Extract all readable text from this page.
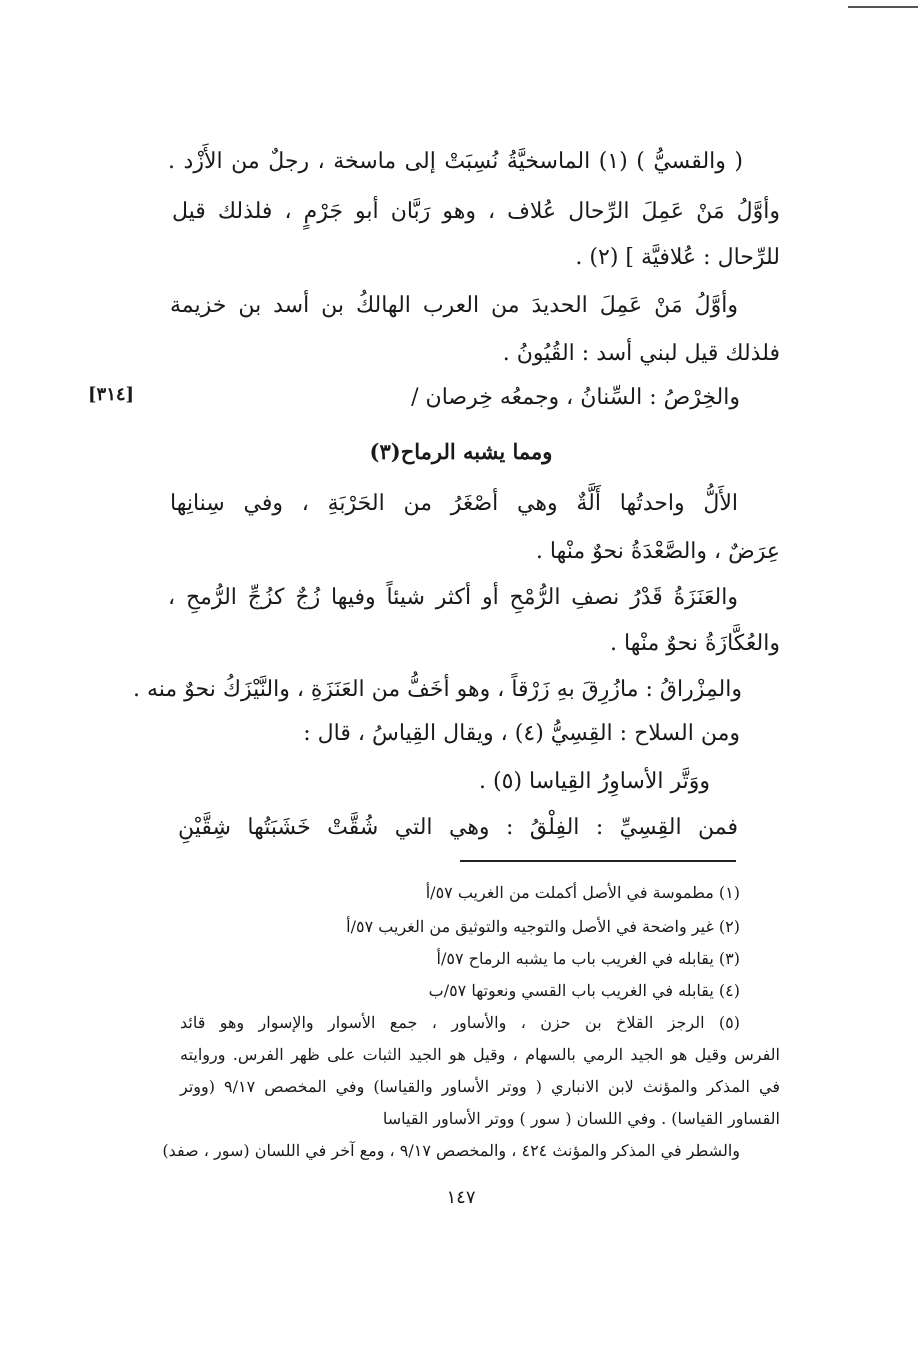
( والقسيُّ ) (١) الماسخيَّةُ نُسِبَتْ إلى ماسخة ، رجلٌ من الأَزْد .
وأوَّلُ مَنْ عَمِلَ الرِّحال عُلاف ، وهو رَبَّان أبو جَرْمٍ ، فلذلك قيل
للرِّحال : عُلافيَّة ] (٢) .
وأوَّلُ مَنْ عَمِلَ الحديدَ من العرب الهالكُ بن أسد بن خزيمة
فلذلك قيل لبني أسد : القُيُونُ .
[٣١٤]	والخِرْصُ : السِّنانُ ، وجمعُه خِرصان /
ومما يشبه الرماح(٣)
الأَلُّ واحدتُها أَلَّةٌ وهي أصْغَرُ من الحَرْبَةِ ، وفي سِنانِها
عِرَضٌ ، والصَّعْدَةُ نحوٌ منْها .
والعَنَزَةُ قَدْرُ نصفِ الرُّمْحِ أو أكثر شيئاً وفيها زُجٌ كزُجِّ الرُّمحِ ،
والعُكَّازَةُ نحوٌ منْها .
والمِزْراقُ : مازُرِقَ بهِ زَرْقاً ، وهو أخَفُّ من العَنَزَةِ ، والنَّيْزَكُ نحوٌ منه .
ومن السلاح : القِسِيُّ (٤) ، ويقال القِياسُ ، قال :
ووَتَّر الأساوِرُ القِياسا (٥) .
فمن القِسِيِّ : الفِلْقُ : وهي التي شُقَّتْ خَشَبَتُها شِقَّيْنِ
(١) مطموسة في الأصل أكملت من الغريب ٥٧/أ
(٢) غير واضحة في الأصل والتوجيه والتوثيق من الغريب ٥٧/أ
(٣) يقابله في الغريب باب ما يشبه الرماح ٥٧/أ
(٤) يقابله في الغريب باب القسي ونعوتها ٥٧/ب
(٥) الرجز القلاخ بن حزن ، والأساور ، جمع الأسوار والإسوار وهو قائد
الفرس وقيل هو الجيد الرمي بالسهام ، وقيل هو الجيد الثبات على ظهر الفرس. وروايته
في المذكر والمؤنث لابن الانباري ( ووتر الأساور والقياسا) وفي المخصص ٩/١٧ (ووتر
القساور القياسا) . وفي اللسان ( سور ) ووتر الأساور القياسا
والشطر في المذكر والمؤنث ٤٢٤ ، والمخصص ٩/١٧ ، ومع آخر في اللسان (سور ، صفد)
١٤٧
